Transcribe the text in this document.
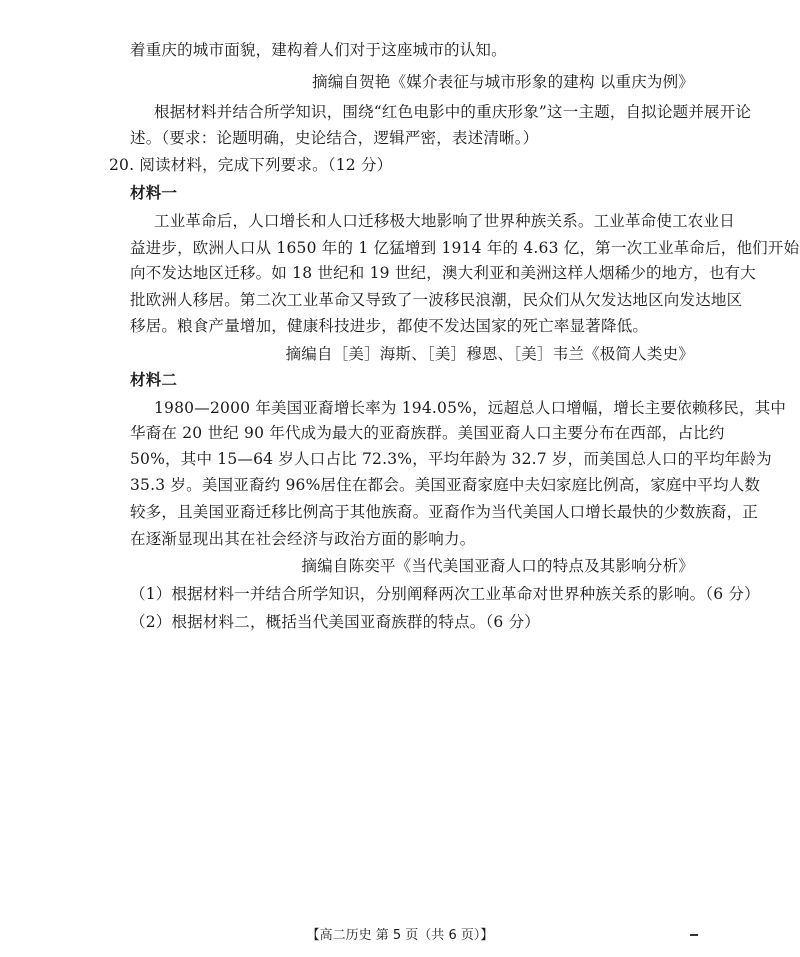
着重庆的城市面貌，建构着人们对于这座城市的认知。
摘编自贺艳《媒介表征与城市形象的建构 以重庆为例》
根据材料并结合所学知识，围绕“红色电影中的重庆形象”这一主题，自拟论题并展开论
述。（要求：论题明确，史论结合，逻辑严密，表述清晰。）
20. 阅读材料，完成下列要求。（12 分）
材料一
工业革命后，人口增长和人口迁移极大地影响了世界种族关系。工业革命使工农业日
益进步，欧洲人口从 1650 年的 1 亿猛增到 1914 年的 4.63 亿，第一次工业革命后，他们开始
向不发达地区迁移。如 18 世纪和 19 世纪，澳大利亚和美洲这样人烟稀少的地方，也有大
批欧洲人移居。第二次工业革命又导致了一波移民浪潮，民众们从欠发达地区向发达地区
移居。粮食产量增加，健康科技进步，都使不发达国家的死亡率显著降低。
摘编自［美］海斯、［美］穆恩、［美］韦兰《极简人类史》
材料二
1980—2000 年美国亚裔增长率为 194.05%，远超总人口增幅，增长主要依赖移民，其中
华裔在 20 世纪 90 年代成为最大的亚裔族群。美国亚裔人口主要分布在西部，占比约
50%，其中 15—64 岁人口占比 72.3%，平均年龄为 32.7 岁，而美国总人口的平均年龄为
35.3 岁。美国亚裔约 96%居住在都会。美国亚裔家庭中夫妇家庭比例高，家庭中平均人数
较多，且美国亚裔迁移比例高于其他族裔。亚裔作为当代美国人口增长最快的少数族裔，正
在逐渐显现出其在社会经济与政治方面的影响力。
摘编自陈奕平《当代美国亚裔人口的特点及其影响分析》
（1）根据材料一并结合所学知识，分别阐释两次工业革命对世界种族关系的影响。（6 分）
（2）根据材料二，概括当代美国亚裔族群的特点。（6 分）
【高二历史 第 5 页（共 6 页）】
